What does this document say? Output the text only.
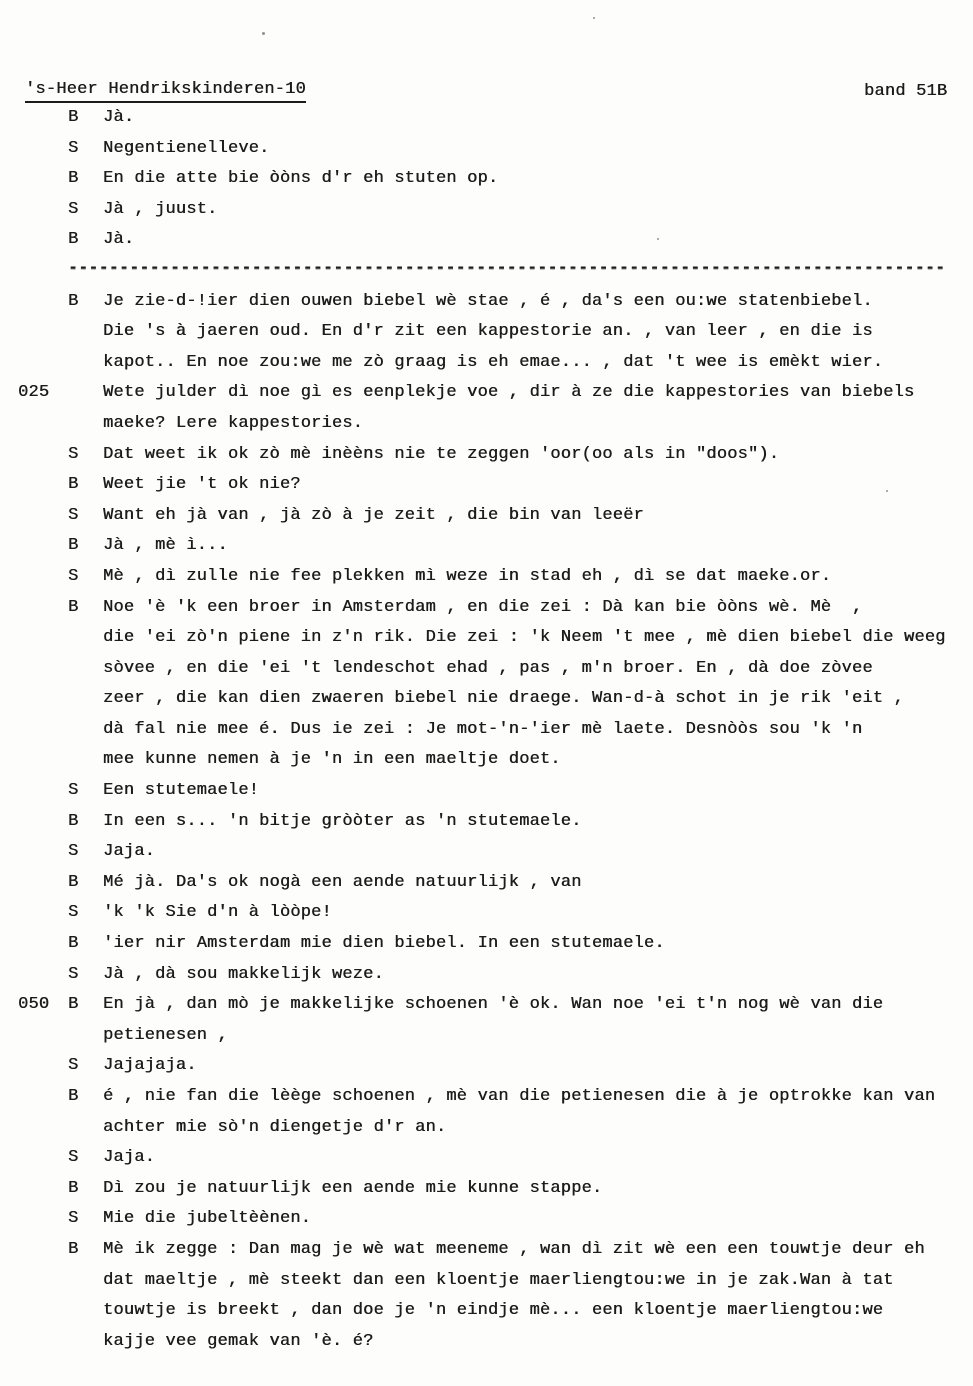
's-Heer Hendrikskinderen-10	band 51B
B	Jà.
S	Negentienelleve.
B	En die atte bie òòns d'r eh stuten op.
S	Jà , juust.
B	Jà.
--------------------------------------------------------------------------------------
B	Je zie-d-!ier dien ouwen biebel wè stae , é , da's een ou:we statenbiebel.
Die 's à jaeren oud. En d'r zit een kappestorie an. , van leer , en die is
kapot.. En noe zou:we me zò graag is eh emae... , dat 't wee is emèkt wier.
025	Wete julder dì noe gì es eenplekje voe , dir à ze die kappestories van biebels
maeke? Lere kappestories.
S	Dat weet ik ok zò mè inèèns nie te zeggen 'oor(oo als in "doos").
B	Weet jie 't ok nie?
S	Want eh jà van , jà zò à je zeit , die bin van leeër
B	Jà , mè ì...
S	Mè , dì zulle nie fee plekken mì weze in stad eh , dì se dat maeke.or.
B	Noe 'è 'k een broer in Amsterdam , en die zei : Dà kan bie òòns wè. Mè  ,
die 'ei zò'n piene in z'n rik. Die zei : 'k Neem 't mee , mè dien biebel die weeg
sòvee , en die 'ei 't lendeschot ehad , pas , m'n broer. En , dà doe zòvee
zeer , die kan dien zwaeren biebel nie draege. Wan-d-à schot in je rik 'eit ,
dà fal nie mee é. Dus ie zei : Je mot-'n-'ier mè laete. Desnòòs sou 'k 'n
mee kunne nemen à je 'n in een maeltje doet.
S	Een stutemaele!
B	In een s... 'n bitje gròòter as 'n stutemaele.
S	Jaja.
B	Mé jà. Da's ok nogà een aende natuurlijk , van
S	'k 'k Sie d'n à lòòpe!
B	'ier nir Amsterdam mie dien biebel. In een stutemaele.
S	Jà , dà sou makkelijk weze.
050	B	En jà , dan mò je makkelijke schoenen 'è ok. Wan noe 'ei t'n nog wè van die
petienesen ,
S	Jajajaja.
B	é , nie fan die lèège schoenen , mè van die petienesen die à je optrokke kan van
achter mie sò'n diengetje d'r an.
S	Jaja.
B	Dì zou je natuurlijk een aende mie kunne stappe.
S	Mie die jubeltèènen.
B	Mè ik zegge : Dan mag je wè wat meeneme , wan dì zit wè een een touwtje deur eh
dat maeltje , mè steekt dan een kloentje maerliengtou:we in je zak.Wan à tat
touwtje is breekt , dan doe je 'n eindje mè... een kloentje maerliengtou:we
kajje vee gemak van 'è. é?
